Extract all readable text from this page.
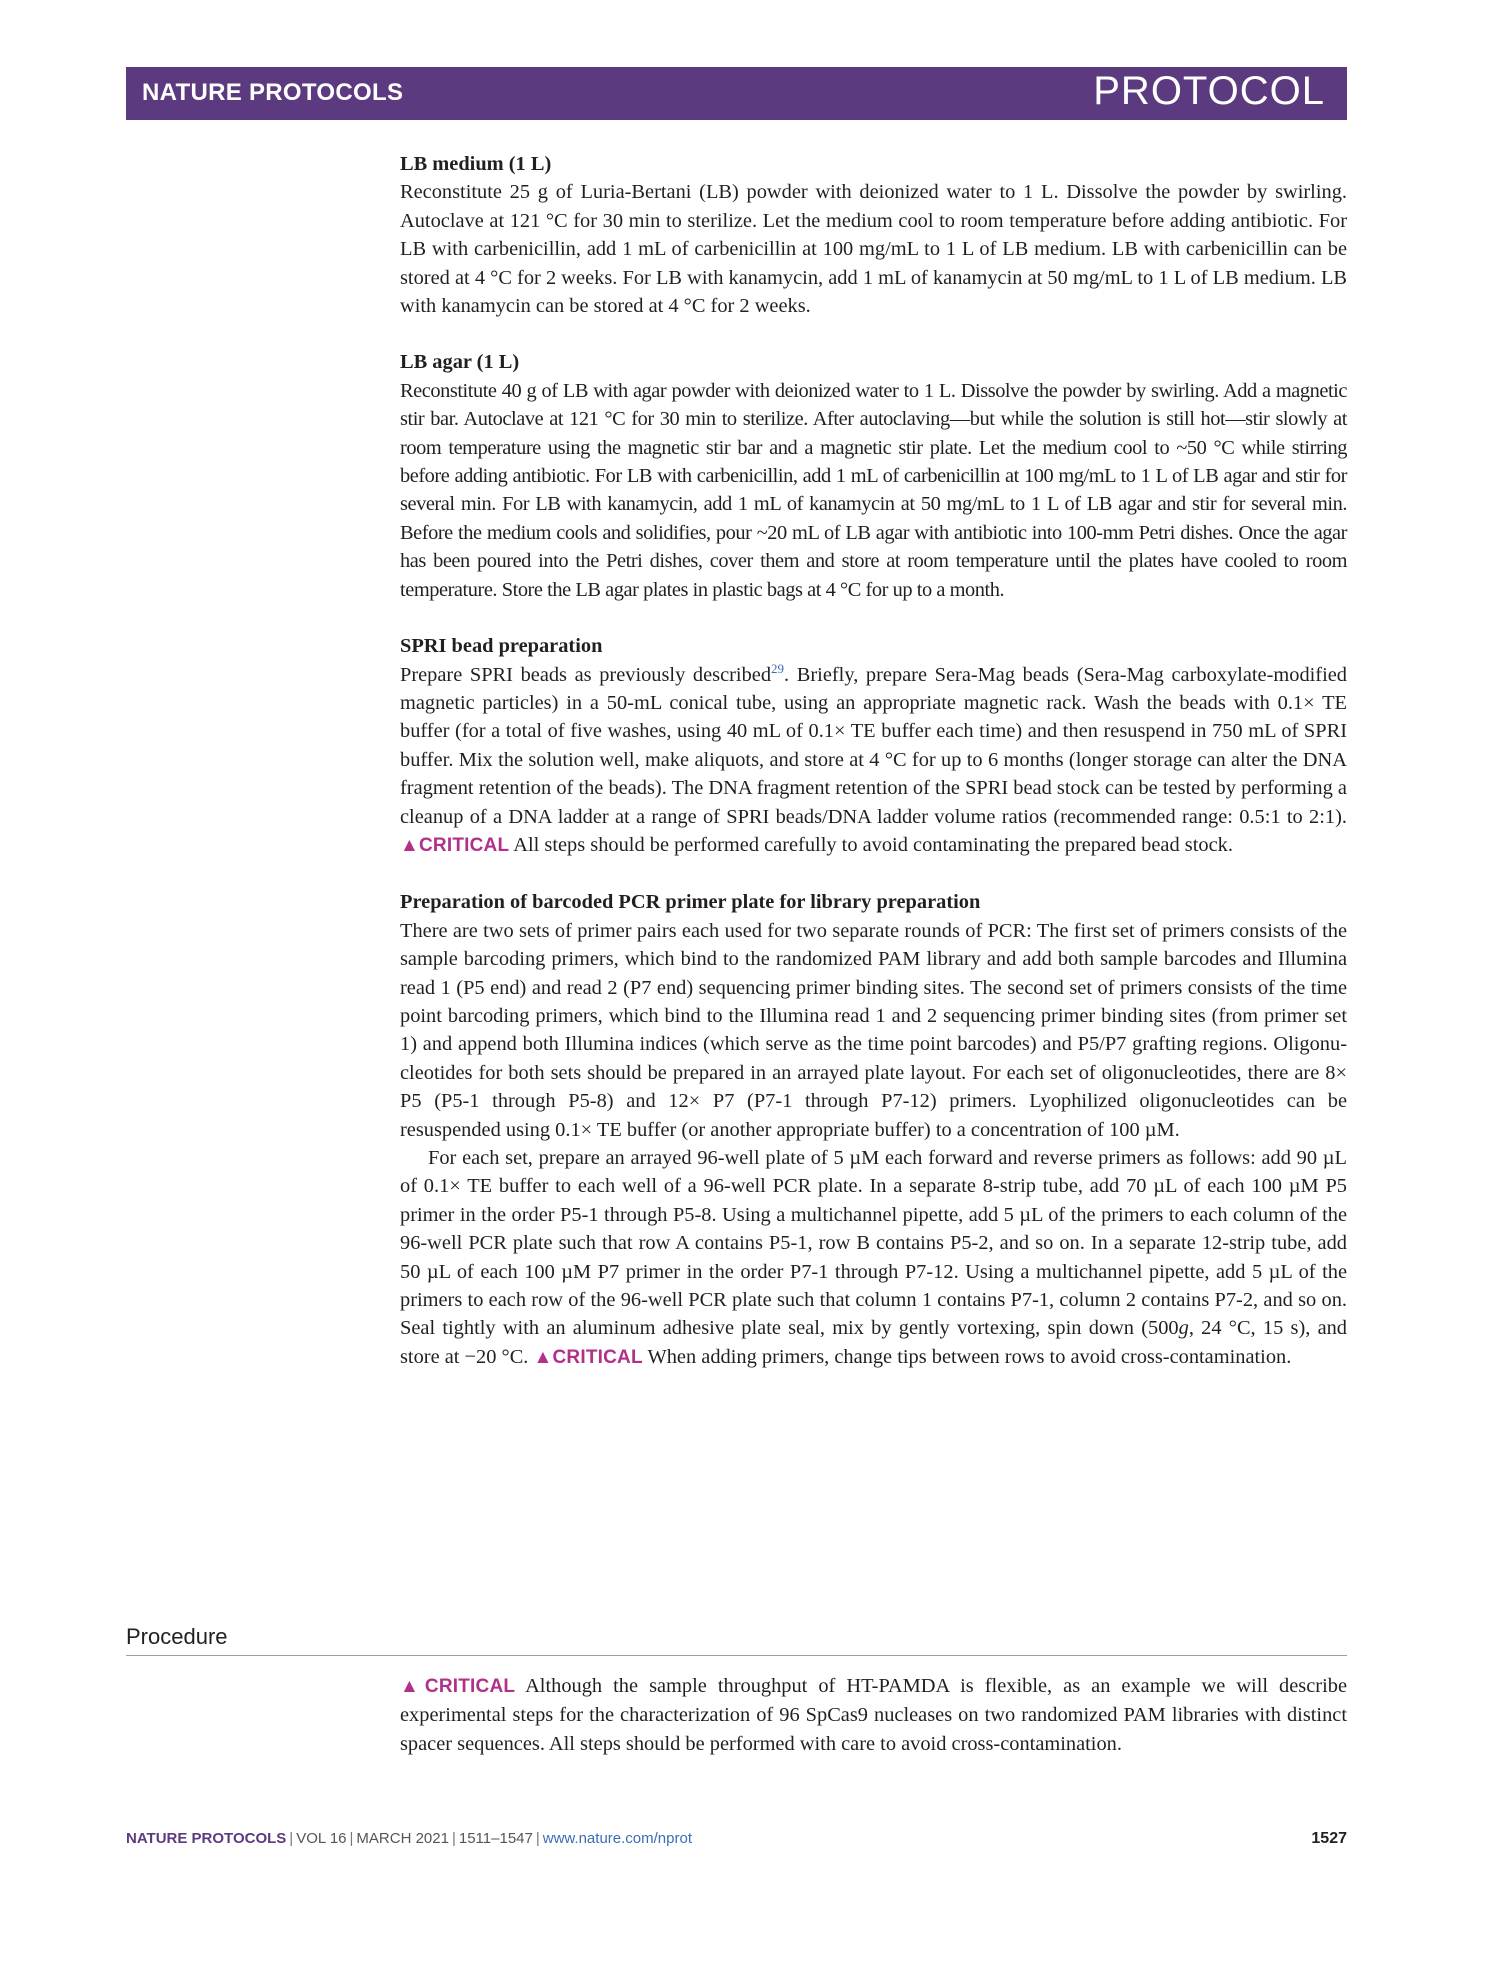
NATURE PROTOCOLS	PROTOCOL
LB medium (1 L)

Reconstitute 25 g of Luria-Bertani (LB) powder with deionized water to 1 L. Dissolve the powder by swirling. Autoclave at 121 °C for 30 min to sterilize. Let the medium cool to room temperature before adding antibiotic. For LB with carbenicillin, add 1 mL of carbenicillin at 100 mg/mL to 1 L of LB medium. LB with carbenicillin can be stored at 4 °C for 2 weeks. For LB with kanamycin, add 1 mL of kanamycin at 50 mg/mL to 1 L of LB medium. LB with kanamycin can be stored at 4 °C for 2 weeks.

LB agar (1 L)

Reconstitute 40 g of LB with agar powder with deionized water to 1 L. Dissolve the powder by swirling. Add a magnetic stir bar. Autoclave at 121 °C for 30 min to sterilize. After autoclaving—but while the solution is still hot—stir slowly at room temperature using the magnetic stir bar and a magnetic stir plate. Let the medium cool to ~50 °C while stirring before adding antibiotic. For LB with carbenicillin, add 1 mL of carbenicillin at 100 mg/mL to 1 L of LB agar and stir for several min. For LB with kanamycin, add 1 mL of kanamycin at 50 mg/mL to 1 L of LB agar and stir for several min. Before the medium cools and solidifies, pour ~20 mL of LB agar with antibiotic into 100-mm Petri dishes. Once the agar has been poured into the Petri dishes, cover them and store at room temperature until the plates have cooled to room temperature. Store the LB agar plates in plastic bags at 4 °C for up to a month.

SPRI bead preparation

Prepare SPRI beads as previously described$^{29}$. Briefly, prepare Sera-Mag beads (Sera-Mag carboxylate-modified magnetic particles) in a 50-mL conical tube, using an appropriate magnetic rack. Wash the beads with 0.1× TE buffer (for a total of five washes, using 40 mL of 0.1× TE buffer each time) and then resuspend in 750 mL of SPRI buffer. Mix the solution well, make aliquots, and store at 4 °C for up to 6 months (longer storage can alter the DNA fragment retention of the beads). The DNA fragment retention of the SPRI bead stock can be tested by performing a cleanup of a DNA ladder at a range of SPRI beads/DNA ladder volume ratios (recommended range: 0.5:1 to 2:1). ▲CRITICAL All steps should be performed carefully to avoid contaminating the prepared bead stock.

Preparation of barcoded PCR primer plate for library preparation

There are two sets of primer pairs each used for two separate rounds of PCR: The first set of primers consists of the sample barcoding primers, which bind to the randomized PAM library and add both sample barcodes and Illumina read 1 (P5 end) and read 2 (P7 end) sequencing primer binding sites. The second set of primers consists of the time point barcoding primers, which bind to the Illumina read 1 and 2 sequencing primer binding sites (from primer set 1) and append both Illumina indices (which serve as the time point barcodes) and P5/P7 grafting regions. Oligonu-cleotides for both sets should be prepared in an arrayed plate layout. For each set of oligonucleotides, there are 8× P5 (P5-1 through P5-8) and 12× P7 (P7-1 through P7-12) primers. Lyophilized oligonucleotides can be resuspended using 0.1× TE buffer (or another appropriate buffer) to a concentration of 100 µM.

For each set, prepare an arrayed 96-well plate of 5 µM each forward and reverse primers as follows: add 90 µL of 0.1× TE buffer to each well of a 96-well PCR plate. In a separate 8-strip tube, add 70 µL of each 100 µM P5 primer in the order P5-1 through P5-8. Using a multichannel pipette, add 5 µL of the primers to each column of the 96-well PCR plate such that row A contains P5-1, row B contains P5-2, and so on. In a separate 12-strip tube, add 50 µL of each 100 µM P7 primer in the order P7-1 through P7-12. Using a multichannel pipette, add 5 µL of the primers to each row of the 96-well PCR plate such that column 1 contains P7-1, column 2 contains P7-2, and so on. Seal tightly with an aluminum adhesive plate seal, mix by gently vortexing, spin down (500g, 24 °C, 15 s), and store at −20 °C. ▲CRITICAL When adding primers, change tips between rows to avoid cross-contamination.

Procedure

▲CRITICAL Although the sample throughput of HT-PAMDA is flexible, as an example we will describe experimental steps for the characterization of 96 SpCas9 nucleases on two randomized PAM libraries with distinct spacer sequences. All steps should be performed with care to avoid cross-contamination.

NATURE PROTOCOLS | VOL 16 | MARCH 2021 | 1511–1547 | www.nature.com/nprot	1527
